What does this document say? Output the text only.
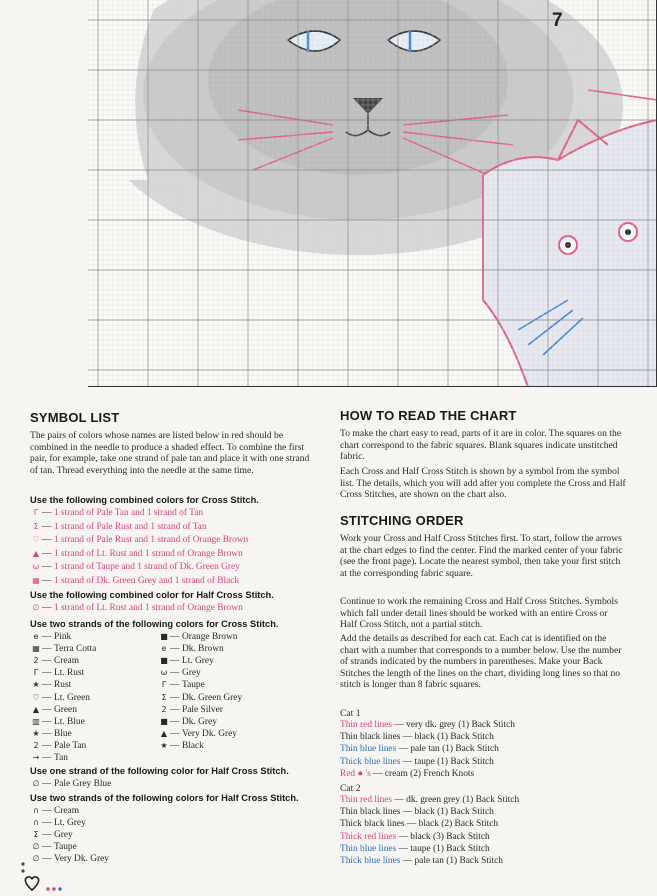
7
SYMBOL LIST

The pairs of colors whose names are listed below in red should be combined in the needle to produce a shaded effect. To combine the first pair, for example, take one strand of pale tan and place it with one strand of tan. Thread everything into the needle at the same time.

Use the following combined colors for Cross Stitch.
Γ — 1 strand of Pale Tan and 1 strand of Tan
Σ — 1 strand of Pale Rust and 1 strand of Tan
♡ — 1 strand of Pale Rust and 1 strand of Orange Brown
▲ — 1 strand of Lt. Rust and 1 strand of Orange Brown
ω — 1 strand of Taupe and 1 strand of Dk. Green Grey
▦ — 1 strand of Dk. Green Grey and 1 strand of Black
Use the following combined color for Half Cross Stitch.
∅ — 1 strand of Lt. Rust and 1 strand of Orange Brown
Use two strands of the following colors for Cross Stitch.
e — Pink
▦ — Terra Cotta
2 — Cream
Γ — Lt. Rust
★ — Rust
♡ — Lt. Green
▲ — Green
▥ — Lt. Blue
★ — Blue
2 — Pale Tan
→ — Tan
■ — Orange Brown
e — Dk. Brown
■ — Lt. Grey
ω — Grey
Γ — Taupe
Σ — Dk. Green Grey
2 — Pale Silver
■ — Dk. Grey
▲ — Very Dk. Grey
★ — Black
Use one strand of the following color for Half Cross Stitch.
∅ — Pale Grey Blue
Use two strands of the following colors for Half Cross Stitch.
∩ — Cream
∩ — Lt. Grey
Σ — Grey
∅ — Taupe
∅ — Very Dk. Grey
HOW TO READ THE CHART

To make the chart easy to read, parts of it are in color. The squares on the chart correspond to the fabric squares. Blank squares indicate unstitched fabric.

Each Cross and Half Cross Stitch is shown by a symbol from the symbol list. The details, which you will add after you complete the Cross and Half Cross Stitches, are shown on the chart also.

STITCHING ORDER

Work your Cross and Half Cross Stitches first. To start, follow the arrows at the chart edges to find the center. Find the marked center of your fabric (see the front page). Locate the nearest symbol, then take your first stitch at the corresponding fabric square.

Continue to work the remaining Cross and Half Cross Stitches. Symbols which fall under detail lines should be worked with an entire Cross or Half Cross Stitch, not a partial stitch.

Add the details as described for each cat. Each cat is identified on the chart with a number that corresponds to a number below. Use the number of strands indicated by the numbers in parentheses. Make your Back Stitches the length of the lines on the chart, dividing long lines so that no stitch is longer than 8 fabric squares.

Cat 1
Thin red lines — very dk. grey (1) Back Stitch
Thin black lines — black (1) Back Stitch
Thin blue lines — pale tan (1) Back Stitch
Thick blue lines — taupe (1) Back Stitch
Red ● 's — cream (2) French Knots
Cat 2
Thin red lines — dk. green grey (1) Back Stitch
Thin black lines — black (1) Back Stitch
Thick black lines — black (2) Back Stitch
Thick red lines — black (3) Back Stitch
Thin blue lines — taupe (1) Back Stitch
Thick blue lines — pale tan (1) Back Stitch
